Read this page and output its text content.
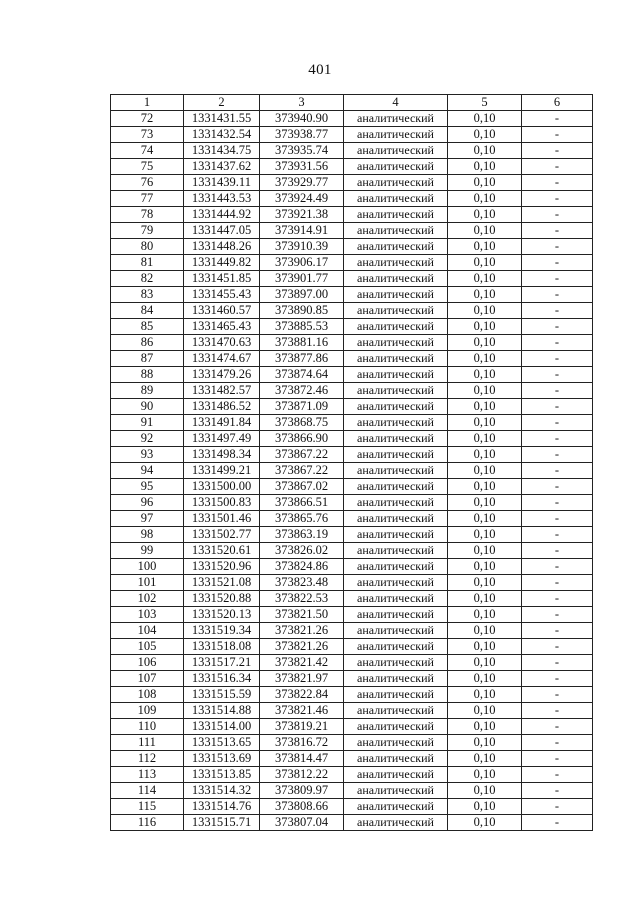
401
1	2	3	4	5	6
72	1331431.55	373940.90	аналитический	0,10	-
73	1331432.54	373938.77	аналитический	0,10	-
74	1331434.75	373935.74	аналитический	0,10	-
75	1331437.62	373931.56	аналитический	0,10	-
76	1331439.11	373929.77	аналитический	0,10	-
77	1331443.53	373924.49	аналитический	0,10	-
78	1331444.92	373921.38	аналитический	0,10	-
79	1331447.05	373914.91	аналитический	0,10	-
80	1331448.26	373910.39	аналитический	0,10	-
81	1331449.82	373906.17	аналитический	0,10	-
82	1331451.85	373901.77	аналитический	0,10	-
83	1331455.43	373897.00	аналитический	0,10	-
84	1331460.57	373890.85	аналитический	0,10	-
85	1331465.43	373885.53	аналитический	0,10	-
86	1331470.63	373881.16	аналитический	0,10	-
87	1331474.67	373877.86	аналитический	0,10	-
88	1331479.26	373874.64	аналитический	0,10	-
89	1331482.57	373872.46	аналитический	0,10	-
90	1331486.52	373871.09	аналитический	0,10	-
91	1331491.84	373868.75	аналитический	0,10	-
92	1331497.49	373866.90	аналитический	0,10	-
93	1331498.34	373867.22	аналитический	0,10	-
94	1331499.21	373867.22	аналитический	0,10	-
95	1331500.00	373867.02	аналитический	0,10	-
96	1331500.83	373866.51	аналитический	0,10	-
97	1331501.46	373865.76	аналитический	0,10	-
98	1331502.77	373863.19	аналитический	0,10	-
99	1331520.61	373826.02	аналитический	0,10	-
100	1331520.96	373824.86	аналитический	0,10	-
101	1331521.08	373823.48	аналитический	0,10	-
102	1331520.88	373822.53	аналитический	0,10	-
103	1331520.13	373821.50	аналитический	0,10	-
104	1331519.34	373821.26	аналитический	0,10	-
105	1331518.08	373821.26	аналитический	0,10	-
106	1331517.21	373821.42	аналитический	0,10	-
107	1331516.34	373821.97	аналитический	0,10	-
108	1331515.59	373822.84	аналитический	0,10	-
109	1331514.88	373821.46	аналитический	0,10	-
110	1331514.00	373819.21	аналитический	0,10	-
111	1331513.65	373816.72	аналитический	0,10	-
112	1331513.69	373814.47	аналитический	0,10	-
113	1331513.85	373812.22	аналитический	0,10	-
114	1331514.32	373809.97	аналитический	0,10	-
115	1331514.76	373808.66	аналитический	0,10	-
116	1331515.71	373807.04	аналитический	0,10	-
